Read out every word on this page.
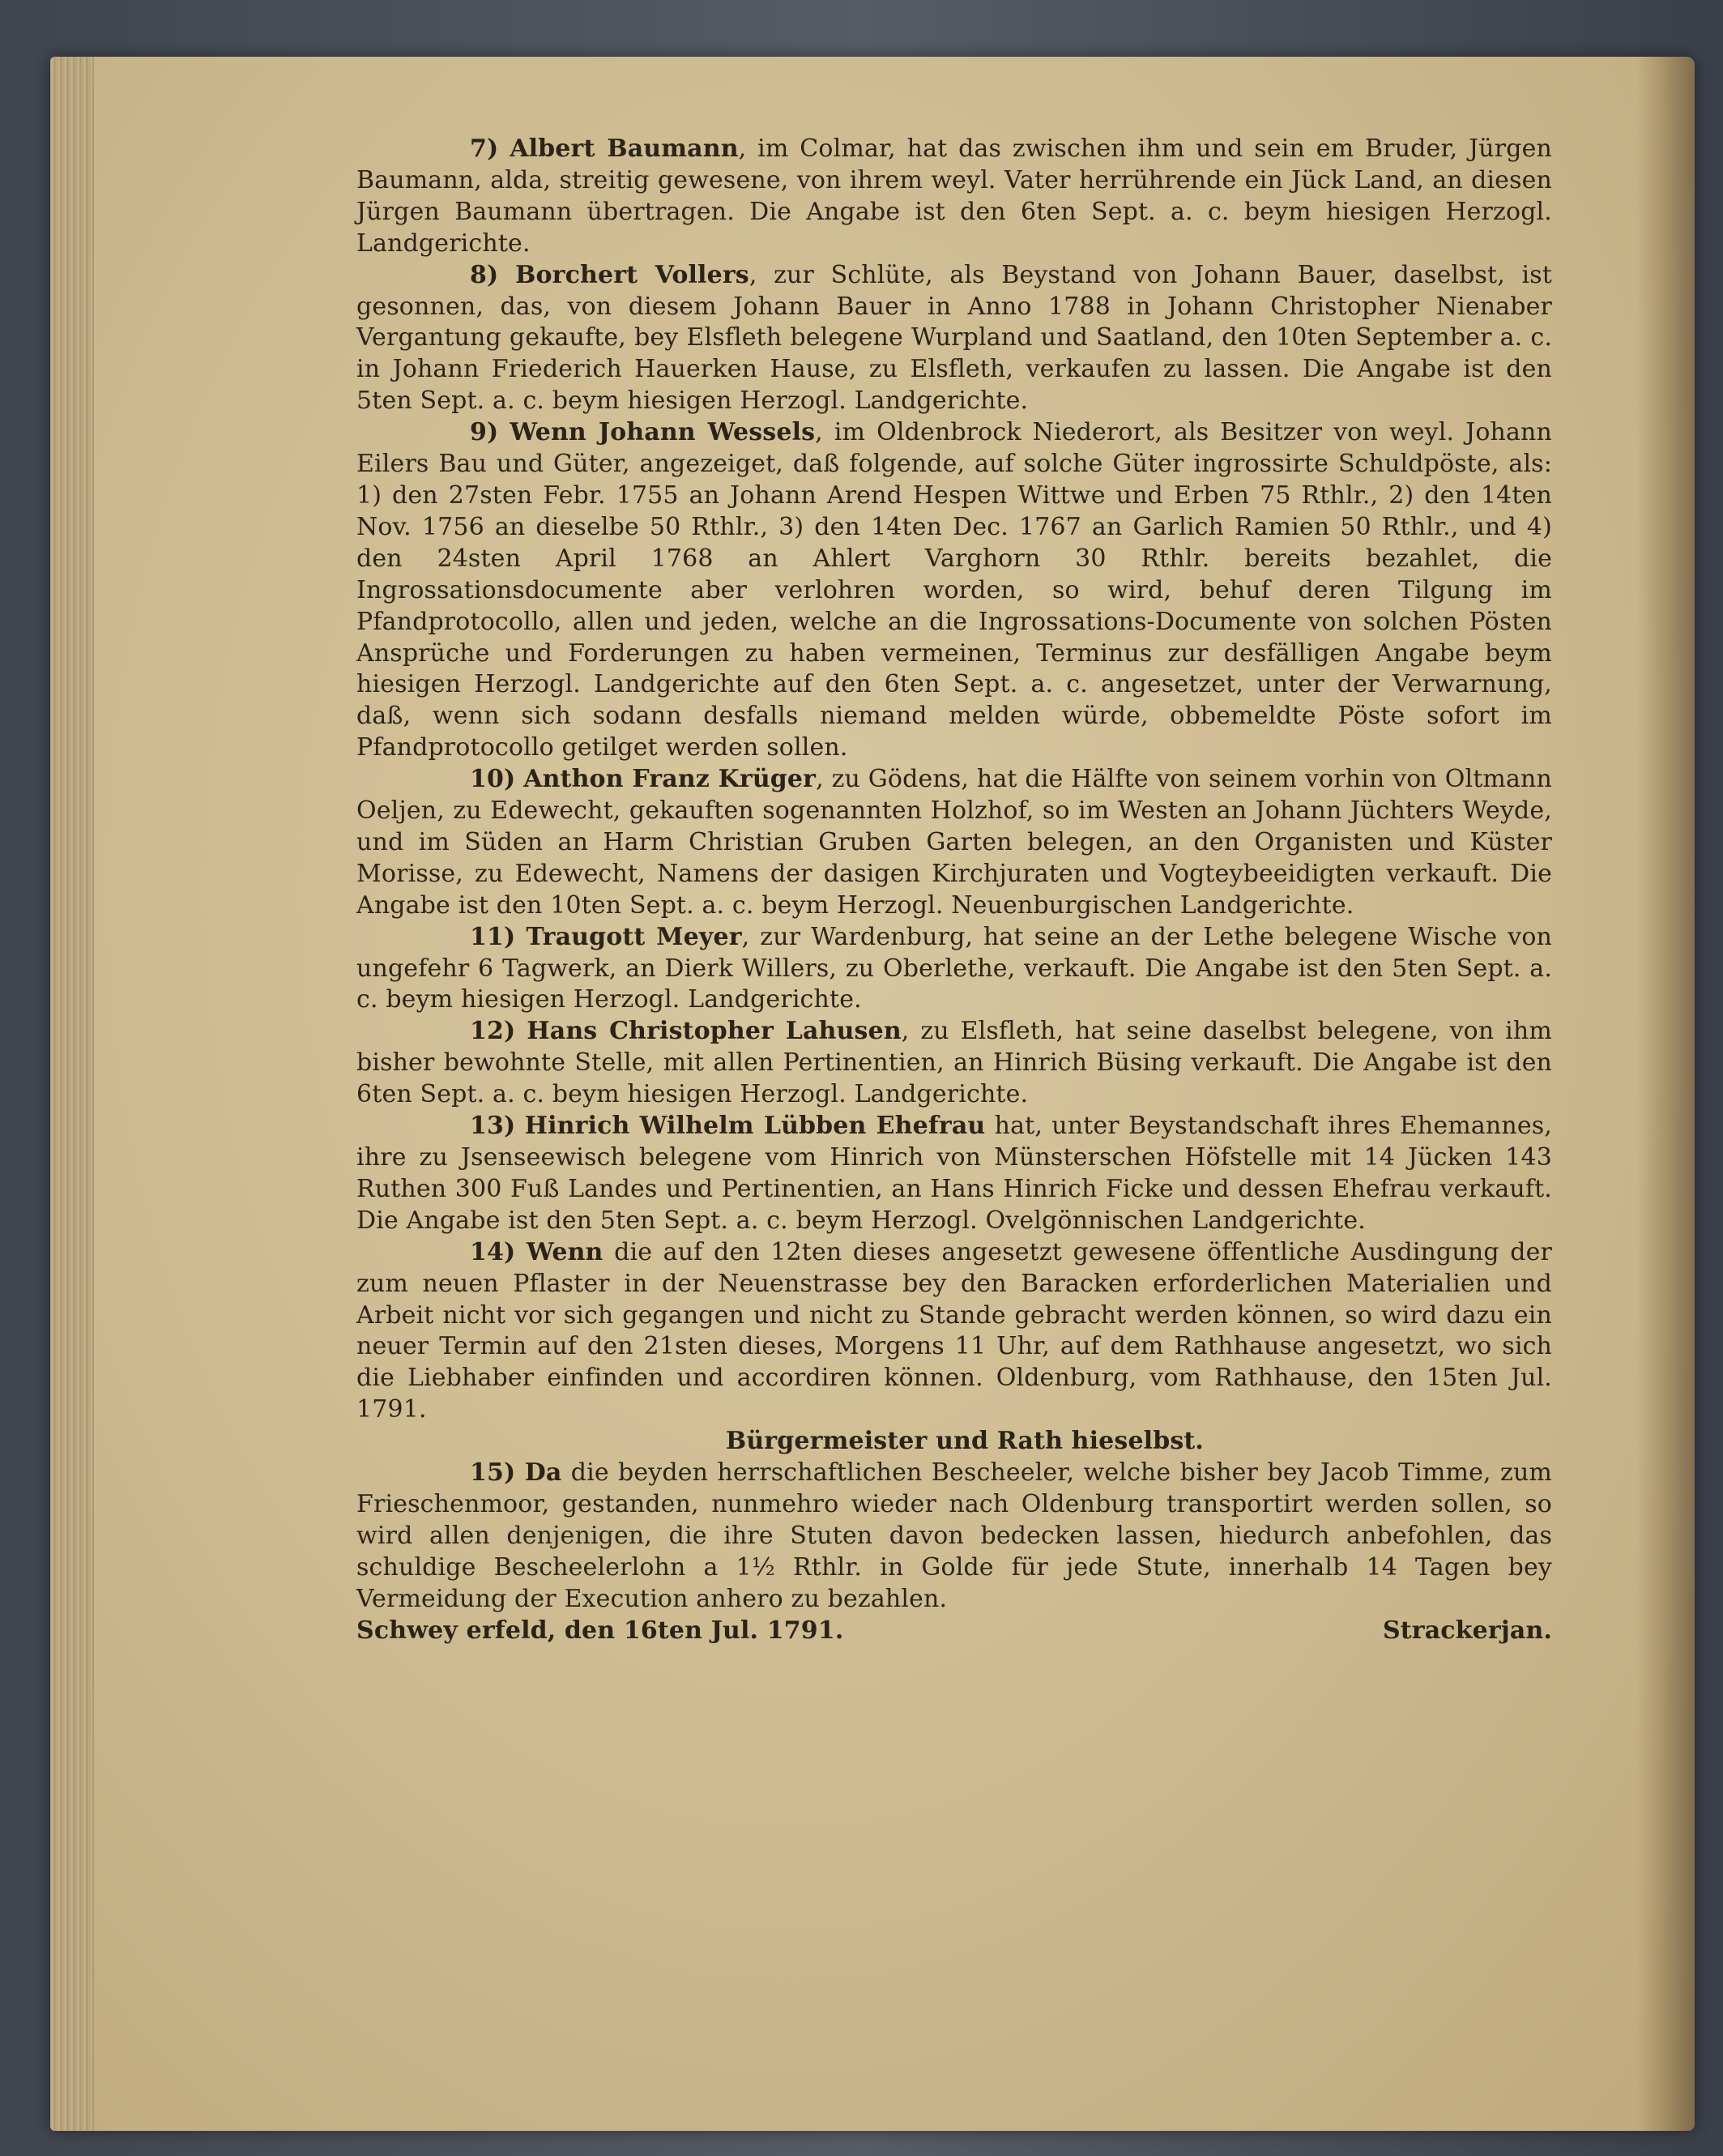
7) Albert Baumann, im Colmar, hat das zwischen ihm und sein em Bruder, Jürgen Baumann, alda, streitig gewesene, von ihrem weyl. Vater herrührende ein Jück Land, an diesen Jürgen Baumann übertragen. Die Angabe ist den 6ten Sept. a. c. beym hiesigen Herzogl. Landgerichte.

8) Borchert Vollers, zur Schlüte, als Beystand von Johann Bauer, daselbst, ist gesonnen, das, von diesem Johann Bauer in Anno 1788 in Johann Christopher Nienaber Vergantung gekaufte, bey Elsfleth belegene Wurpland und Saatland, den 10ten September a. c. in Johann Friederich Hauerken Hause, zu Elsfleth, verkaufen zu lassen. Die Angabe ist den 5ten Sept. a. c. beym hiesigen Herzogl. Landgerichte.

9) Wenn Johann Wessels, im Oldenbrock Niederort, als Besitzer von weyl. Johann Eilers Bau und Güter, angezeiget, daß folgende, auf solche Güter ingrossirte Schuldpöste, als: 1) den 27sten Febr. 1755 an Johann Arend Hespen Wittwe und Erben 75 Rthlr., 2) den 14ten Nov. 1756 an dieselbe 50 Rthlr., 3) den 14ten Dec. 1767 an Garlich Ramien 50 Rthlr., und 4) den 24sten April 1768 an Ahlert Varghorn 30 Rthlr. bereits bezahlet, die Ingrossationsdocumente aber verlohren worden, so wird, behuf deren Tilgung im Pfandprotocollo, allen und jeden, welche an die Ingrossations-Documente von solchen Pösten Ansprüche und Forderungen zu haben vermeinen, Terminus zur desfälligen Angabe beym hiesigen Herzogl. Landgerichte auf den 6ten Sept. a. c. angesetzet, unter der Verwarnung, daß, wenn sich sodann desfalls niemand melden würde, obbemeldte Pöste sofort im Pfandprotocollo getilget werden sollen.

10) Anthon Franz Krüger, zu Gödens, hat die Hälfte von seinem vorhin von Oltmann Oeljen, zu Edewecht, gekauften sogenannten Holzhof, so im Westen an Johann Jüchters Weyde, und im Süden an Harm Christian Gruben Garten belegen, an den Organisten und Küster Morisse, zu Edewecht, Namens der dasigen Kirchjuraten und Vogteybeeidigten verkauft. Die Angabe ist den 10ten Sept. a. c. beym Herzogl. Neuenburgischen Landgerichte.

11) Traugott Meyer, zur Wardenburg, hat seine an der Lethe belegene Wische von ungefehr 6 Tagwerk, an Dierk Willers, zu Oberlethe, verkauft. Die Angabe ist den 5ten Sept. a. c. beym hiesigen Herzogl. Landgerichte.

12) Hans Christopher Lahusen, zu Elsfleth, hat seine daselbst belegene, von ihm bisher bewohnte Stelle, mit allen Pertinentien, an Hinrich Büsing verkauft. Die Angabe ist den 6ten Sept. a. c. beym hiesigen Herzogl. Landgerichte.

13) Hinrich Wilhelm Lübben Ehefrau hat, unter Beystandschaft ihres Ehemannes, ihre zu Jsenseewisch belegene vom Hinrich von Münsterschen Höfstelle mit 14 Jücken 143 Ruthen 300 Fuß Landes und Pertinentien, an Hans Hinrich Ficke und dessen Ehefrau verkauft. Die Angabe ist den 5ten Sept. a. c. beym Herzogl. Ovelgönnischen Landgerichte.

14) Wenn die auf den 12ten dieses angesetzt gewesene öffentliche Ausdingung der zum neuen Pflaster in der Neuenstrasse bey den Baracken erforderlichen Materialien und Arbeit nicht vor sich gegangen und nicht zu Stande gebracht werden können, so wird dazu ein neuer Termin auf den 21sten dieses, Morgens 11 Uhr, auf dem Rathhause angesetzt, wo sich die Liebhaber einfinden und accordiren können. Oldenburg, vom Rathhause, den 15ten Jul. 1791.

Bürgermeister und Rath hieselbst.

15) Da die beyden herrschaftlichen Bescheeler, welche bisher bey Jacob Timme, zum Frieschenmoor, gestanden, nunmehro wieder nach Oldenburg transportirt werden sollen, so wird allen denjenigen, die ihre Stuten davon bedecken lassen, hiedurch anbefohlen, das schuldige Bescheelerlohn a 1½ Rthlr. in Golde für jede Stute, innerhalb 14 Tagen bey Vermeidung der Execution anhero zu bezahlen.

Schwey erfeld, den 16ten Jul. 1791.	Strackerjan.
